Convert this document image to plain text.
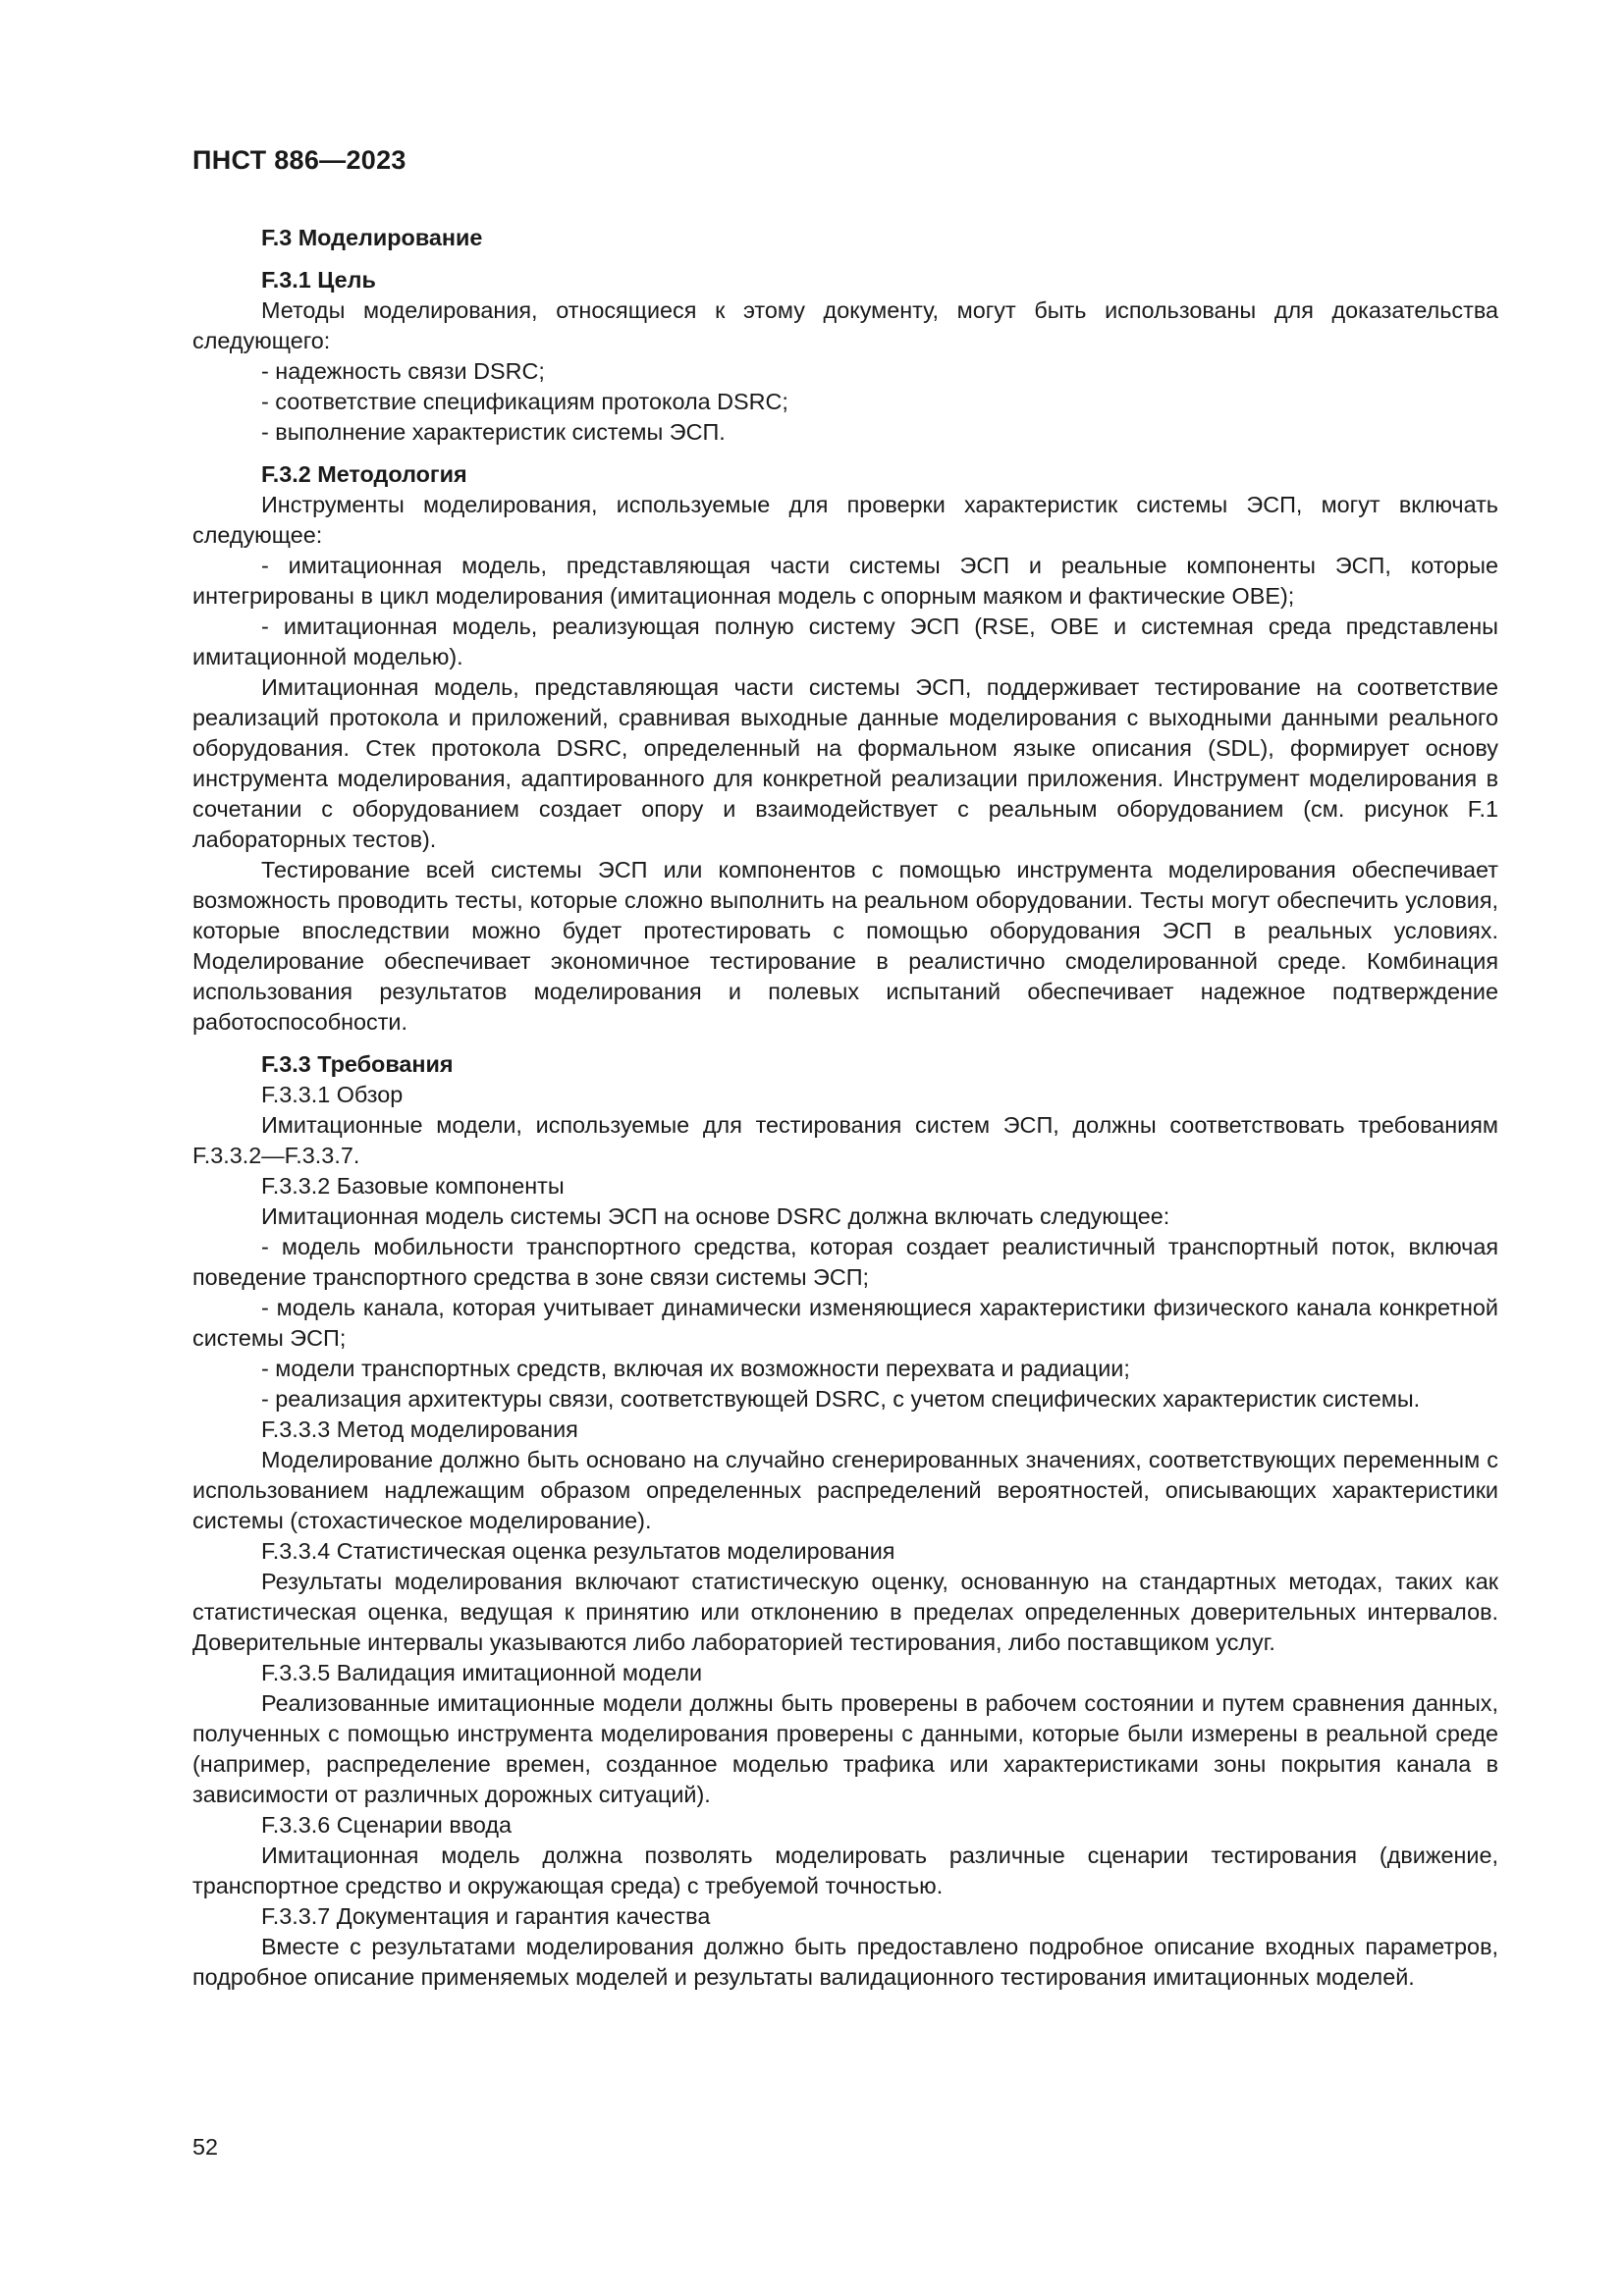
ПНСТ 886—2023

F.3 Моделирование

F.3.1 Цель

Методы моделирования, относящиеся к этому документу, могут быть использованы для доказательства следующего:

- надежность связи DSRC;

- соответствие спецификациям протокола DSRC;

- выполнение характеристик системы ЭСП.

F.3.2 Методология

Инструменты моделирования, используемые для проверки характеристик системы ЭСП, могут включать следующее:

- имитационная модель, представляющая части системы ЭСП и реальные компоненты ЭСП, которые интегрированы в цикл моделирования (имитационная модель с опорным маяком и фактические OBE);

- имитационная модель, реализующая полную систему ЭСП (RSE, OBE и системная среда представлены имитационной моделью).

Имитационная модель, представляющая части системы ЭСП, поддерживает тестирование на соответствие реализаций протокола и приложений, сравнивая выходные данные моделирования с выходными данными реального оборудования. Стек протокола DSRC, определенный на формальном языке описания (SDL), формирует основу инструмента моделирования, адаптированного для конкретной реализации приложения. Инструмент моделирования в сочетании с оборудованием создает опору и взаимодействует с реальным оборудованием (см. рисунок F.1 лабораторных тестов).

Тестирование всей системы ЭСП или компонентов с помощью инструмента моделирования обеспечивает возможность проводить тесты, которые сложно выполнить на реальном оборудовании. Тесты могут обеспечить условия, которые впоследствии можно будет протестировать с помощью оборудования ЭСП в реальных условиях. Моделирование обеспечивает экономичное тестирование в реалистично смоделированной среде. Комбинация использования результатов моделирования и полевых испытаний обеспечивает надежное подтверждение работоспособности.

F.3.3 Требования

F.3.3.1 Обзор

Имитационные модели, используемые для тестирования систем ЭСП, должны соответствовать требованиям F.3.3.2—F.3.3.7.

F.3.3.2 Базовые компоненты

Имитационная модель системы ЭСП на основе DSRC должна включать следующее:

- модель мобильности транспортного средства, которая создает реалистичный транспортный поток, включая поведение транспортного средства в зоне связи системы ЭСП;

- модель канала, которая учитывает динамически изменяющиеся характеристики физического канала конкретной системы ЭСП;

- модели транспортных средств, включая их возможности перехвата и радиации;

- реализация архитектуры связи, соответствующей DSRC, с учетом специфических характеристик системы.

F.3.3.3 Метод моделирования

Моделирование должно быть основано на случайно сгенерированных значениях, соответствующих переменным с использованием надлежащим образом определенных распределений вероятностей, описывающих характеристики системы (стохастическое моделирование).

F.3.3.4 Статистическая оценка результатов моделирования

Результаты моделирования включают статистическую оценку, основанную на стандартных методах, таких как статистическая оценка, ведущая к принятию или отклонению в пределах определенных доверительных интервалов. Доверительные интервалы указываются либо лабораторией тестирования, либо поставщиком услуг.

F.3.3.5 Валидация имитационной модели

Реализованные имитационные модели должны быть проверены в рабочем состоянии и путем сравнения данных, полученных с помощью инструмента моделирования проверены с данными, которые были измерены в реальной среде (например, распределение времен, созданное моделью трафика или характеристиками зоны покрытия канала в зависимости от различных дорожных ситуаций).

F.3.3.6 Сценарии ввода

Имитационная модель должна позволять моделировать различные сценарии тестирования (движение, транспортное средство и окружающая среда) с требуемой точностью.

F.3.3.7 Документация и гарантия качества

Вместе с результатами моделирования должно быть предоставлено подробное описание входных параметров, подробное описание применяемых моделей и результаты валидационного тестирования имитационных моделей.

52
